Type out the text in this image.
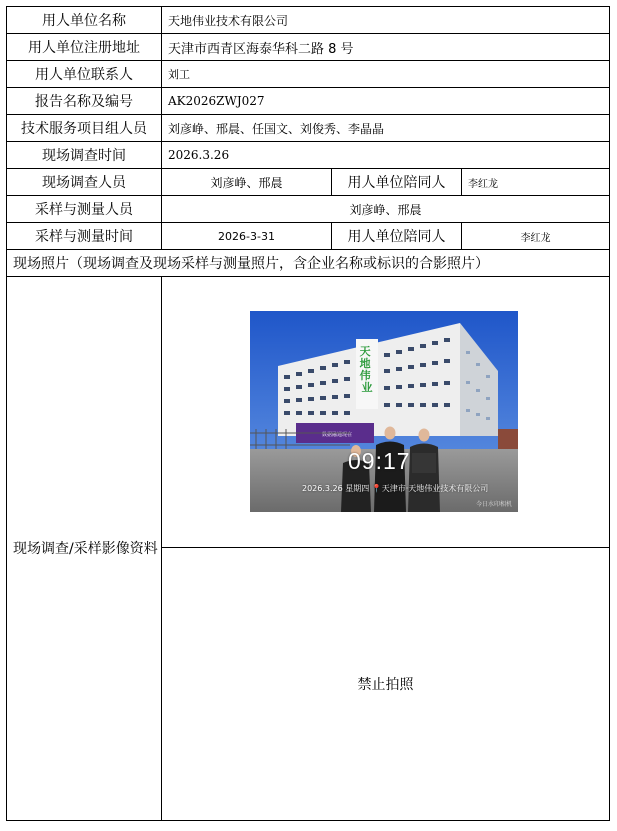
用人单位名称	天地伟业技术有限公司		
用人单位注册地址	天津市西青区海泰华科二路 8 号		
用人单位联系人	刘工		
报告名称及编号	AK2026ZWJ027		
技术服务项目组人员	刘彦峥、邢晨、任国文、刘俊秀、李晶晶		
现场调查时间	2026.3.26		
现场调查人员	刘彦峥、邢晨	用人单位陪同人	李红龙
采样与测量人员	刘彦峥、邢晨		
采样与测量时间	2026-3-31	用人单位陪同人	李红龙
现场照片（现场调查及现场采样与测量照片，含企业名称或标识的合影照片）			
现场调查/采样影像资料	天 地 伟 业
数据融通现在
09:17
2026.3.26 星期四 📍天津市·天地伟业技术有限公司
今日水印相机		

	禁止拍照		
